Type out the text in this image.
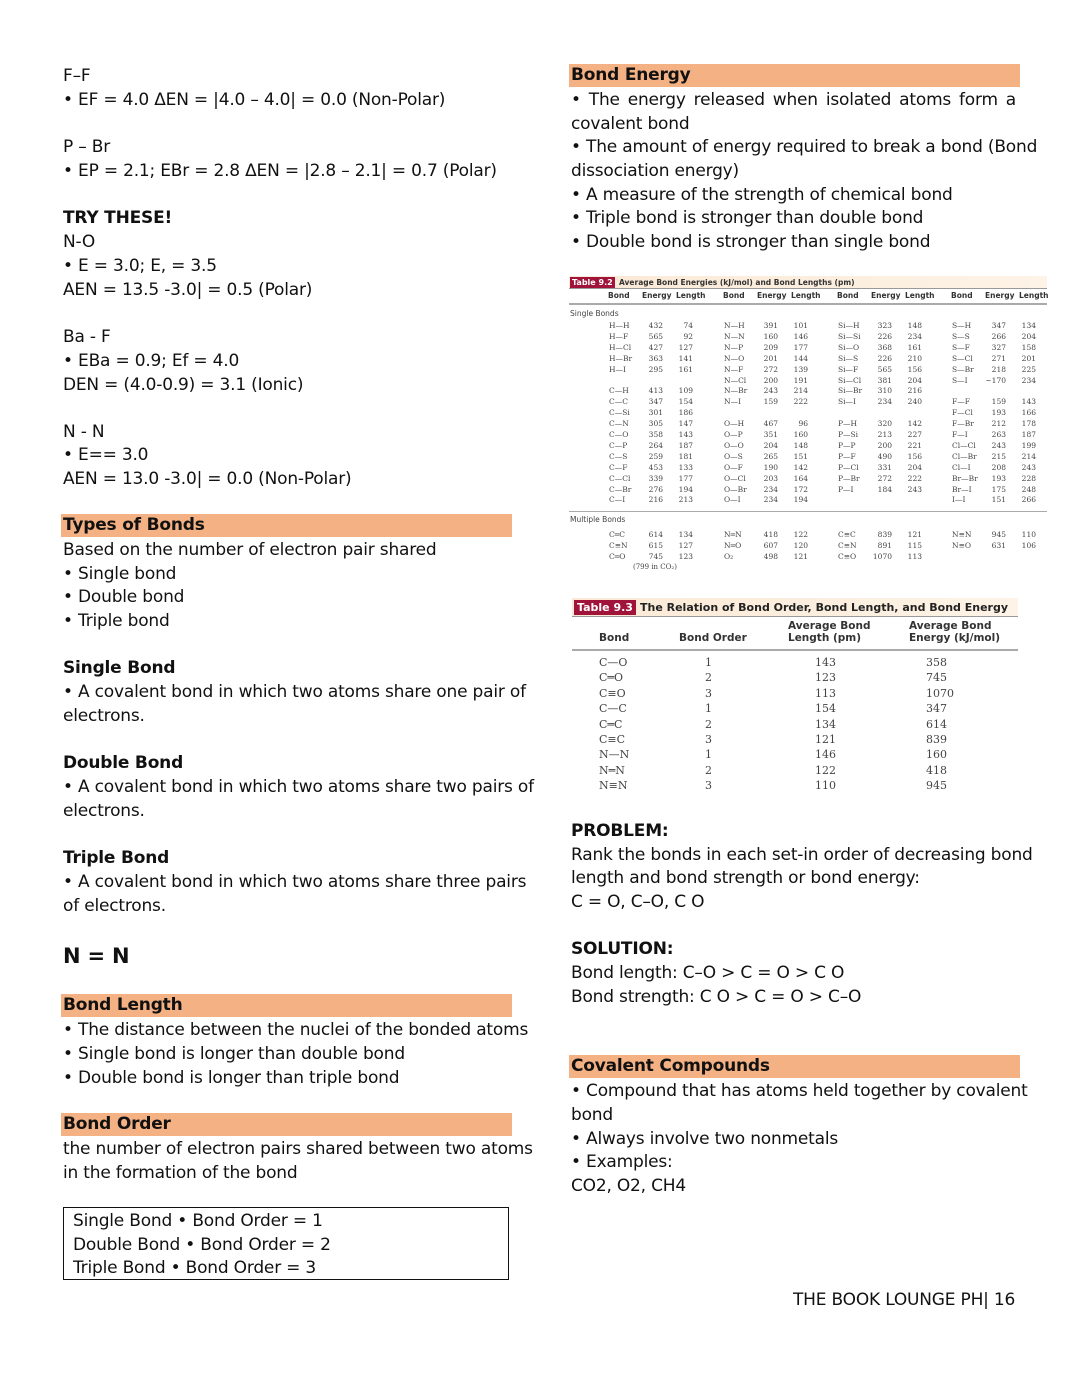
F–F
• EF = 4.0 ΔEN = |4.0 – 4.0| = 0.0 (Non-Polar)
P – Br
• EP = 2.1; EBr = 2.8 ΔEN = |2.8 – 2.1| = 0.7 (Polar)
TRY THESE!
N-O
• E = 3.0; E, = 3.5
AEN = 13.5 -3.0| = 0.5 (Polar)
Ba - F
• EBa = 0.9; Ef = 4.0
DEN = (4.0-0.9) = 3.1 (Ionic)
N - N
• E== 3.0
AEN = 13.0 -3.0| = 0.0 (Non-Polar)
Types of Bonds
Based on the number of electron pair shared
• Single bond
• Double bond
• Triple bond
Single Bond
• A covalent bond in which two atoms share one pair of
electrons.
Double Bond
• A covalent bond in which two atoms share two pairs of
electrons.
Triple Bond
• A covalent bond in which two atoms share three pairs
of electrons.
N = N
Bond Length
• The distance between the nuclei of the bonded atoms
• Single bond is longer than double bond
• Double bond is longer than triple bond
Bond Order
the number of electron pairs shared between two atoms
in the formation of the bond
Single Bond • Bond Order = 1
Double Bond • Bond Order = 2
Triple Bond • Bond Order = 3
Bond Energy
• The energy released when isolated atoms form a
covalent bond
• The amount of energy required to break a bond (Bond
dissociation energy)
• A measure of the strength of chemical bond
• Triple bond is stronger than double bond
• Double bond is stronger than single bond
Table 9.2 Average Bond Energies (kJ/mol) and Bond Lengths (pm)
Bond Energy Length Bond Energy Length Bond Energy Length Bond Energy Length
Single Bonds
H—H	432	74
H—F	565	92
H—Cl	427	127
H—Br	363	141
H—I	295	161
C—H	413	109
C—C	347	154
C—Si	301	186
C—N	305	147
C—O	358	143
C—P	264	187
C—S	259	181
C—F	453	133
C—Cl	339	177
C—Br	276	194
C—I	216	213
N—H	391	101
N—N	160	146
N—P	209	177
N—O	201	144
N—F	272	139
N—Cl	200	191
N—Br	243	214
N—I	159	222
O—H	467	96
O—P	351	160
O—O	204	148
O—S	265	151
O—F	190	142
O—Cl	203	164
O—Br	234	172
O—I	234	194
Si—H	323	148
Si—Si	226	234
Si—O	368	161
Si—S	226	210
Si—F	565	156
Si—Cl	381	204
Si—Br	310	216
Si—I	234	240
P—H	320	142
P—Si	213	227
P—P	200	221
P—F	490	156
P—Cl	331	204
P—Br	272	222
P—I	184	243
S—H	347	134
S—S	266	204
S—F	327	158
S—Cl	271	201
S—Br	218	225
S—I	~170	234
F—F	159	143
F—Cl	193	166
F—Br	212	178
F—I	263	187
Cl—Cl	243	199
Cl—Br	215	214
Cl—I	208	243
Br—Br	193	228
Br—I	175	248
I—I	151	266
Multiple Bonds
C═C	614	134
C≡N	615	127
C═O	745	123
N═N	418	122
N═O	607	120
O₂	498	121
C≡C	839	121
C≡N	891	115
C≡O	1070	113
N≡N	945	110
N≡O	631	106
(799 in CO₂)
Table 9.3 The Relation of Bond Order, Bond Length, and Bond Energy
Bond	Bond Order
Average Bond
Length (pm)
Average Bond
Energy (kJ/mol)
C—O	1	143	358
C═O	2	123	745
C≡O	3	113	1070
C—C	1	154	347
C═C	2	134	614
C≡C	3	121	839
N—N	1	146	160
N═N	2	122	418
N≡N	3	110	945
PROBLEM:
Rank the bonds in each set-in order of decreasing bond
length and bond strength or bond energy:
C = O, C–O, C O
SOLUTION:
Bond length: C–O > C = O > C O
Bond strength: C O > C = O > C–O
Covalent Compounds
• Compound that has atoms held together by covalent
bond
• Always involve two nonmetals
• Examples:
CO2, O2, CH4
THE BOOK LOUNGE PH| 16
